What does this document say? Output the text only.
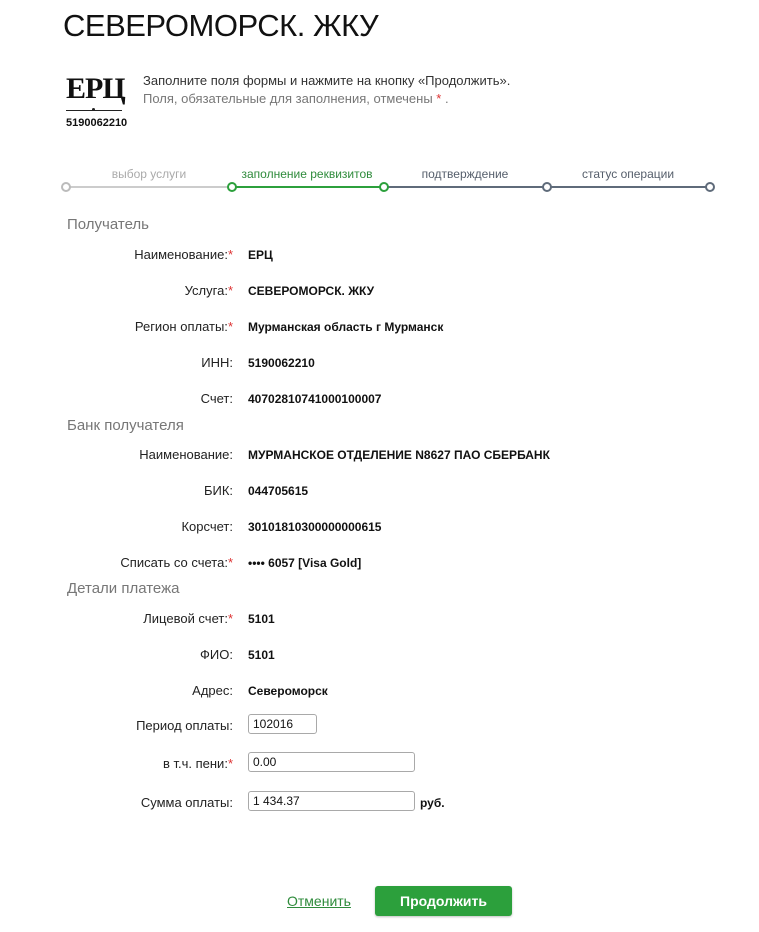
СЕВЕРОМОРСК. ЖКУ
ЕРЦ
5190062210
Заполните поля формы и нажмите на кнопку «Продолжить».
Поля, обязательные для заполнения, отмечены * .
выбор услуги	заполнение реквизитов	подтверждение	статус операции
Получатель
Наименование:* ЕРЦ
Услуга:* СЕВЕРОМОРСК. ЖКУ
Регион оплаты:* Мурманская область г Мурманск
ИНН: 5190062210
Счет: 40702810741000100007
Банк получателя
Наименование: МУРМАНСКОЕ ОТДЕЛЕНИЕ N8627 ПАО СБЕРБАНК
БИК: 044705615
Корсчет: 30101810300000000615
Списать со счета:* •••• 6057 [Visa Gold]
Детали платежа
Лицевой счет:* 5101
ФИО: 5101
Адрес: Североморск
Период оплаты:
102016
в т.ч. пени:*
0.00
Сумма оплаты:
1 434.37	руб.
Отменить	Продолжить
